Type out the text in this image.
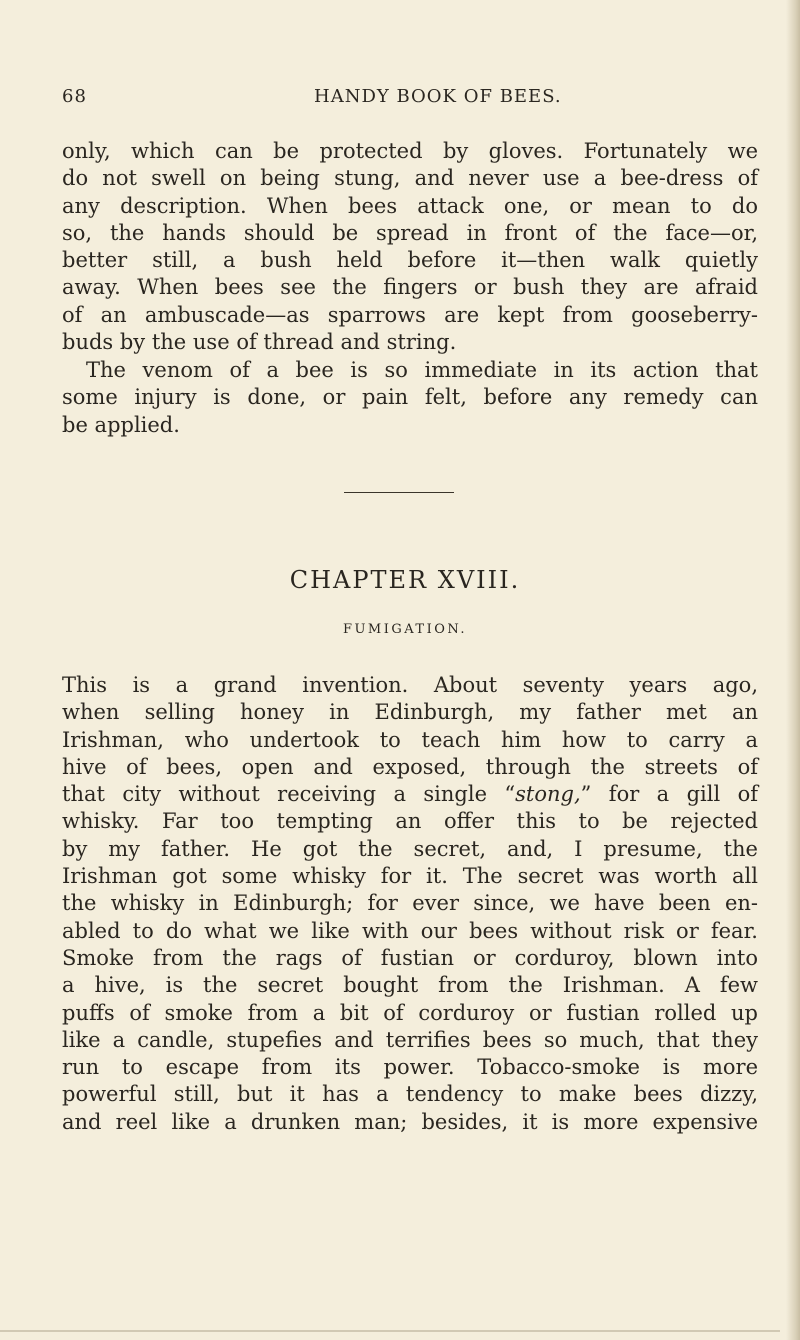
68	HANDY BOOK OF BEES.
only, which can be protected by gloves. Fortunately we
do not swell on being stung, and never use a bee-dress of
any description. When bees attack one, or mean to do
so, the hands should be spread in front of the face—or,
better still, a bush held before it—then walk quietly
away. When bees see the fingers or bush they are afraid
of an ambuscade—as sparrows are kept from gooseberry-
buds by the use of thread and string.
The venom of a bee is so immediate in its action that
some injury is done, or pain felt, before any remedy can
be applied.
CHAPTER XVIII.
FUMIGATION.
This is a grand invention. About seventy years ago,
when selling honey in Edinburgh, my father met an
Irishman, who undertook to teach him how to carry a
hive of bees, open and exposed, through the streets of
that city without receiving a single “stong,” for a gill of
whisky. Far too tempting an offer this to be rejected
by my father. He got the secret, and, I presume, the
Irishman got some whisky for it. The secret was worth all
the whisky in Edinburgh; for ever since, we have been en-
abled to do what we like with our bees without risk or fear.
Smoke from the rags of fustian or corduroy, blown into
a hive, is the secret bought from the Irishman. A few
puffs of smoke from a bit of corduroy or fustian rolled up
like a candle, stupefies and terrifies bees so much, that they
run to escape from its power. Tobacco-smoke is more
powerful still, but it has a tendency to make bees dizzy,
and reel like a drunken man; besides, it is more expensive
